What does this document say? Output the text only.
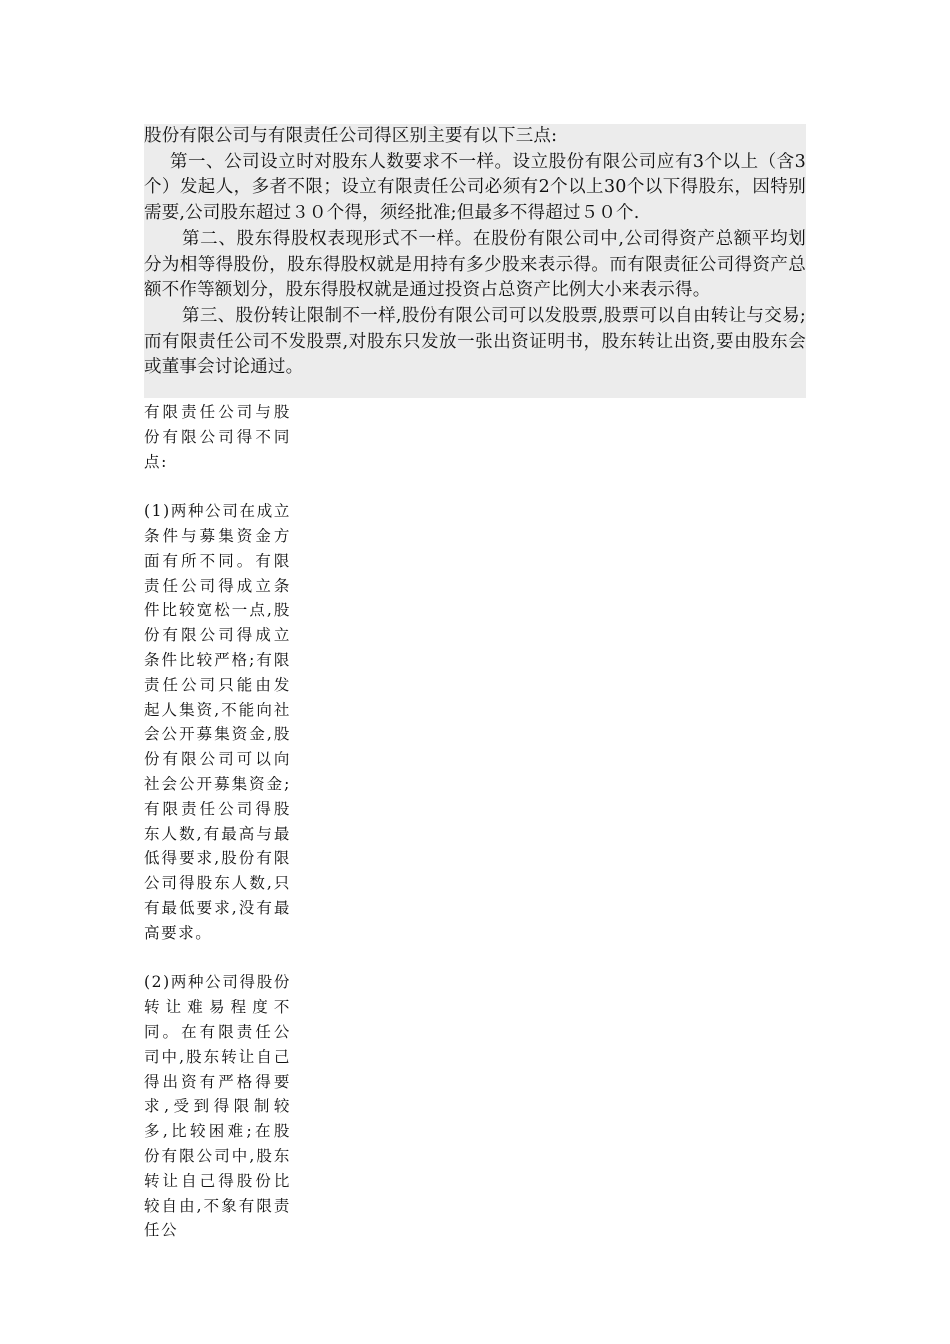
股份有限公司与有限责任公司得区别主要有以下三点:

第一、公司设立时对股东人数要求不一样。设立股份有限公司应有3个以上（含3个）发起人，多者不限；设立有限责任公司必须有2个以上30个以下得股东，因特别需要,公司股东超过３０个得，须经批准;但最多不得超过５０个.

第二、股东得股权表现形式不一样。在股份有限公司中,公司得资产总额平均划分为相等得股份，股东得股权就是用持有多少股来表示得。而有限责征公司得资产总额不作等额划分，股东得股权就是通过投资占总资产比例大小来表示得。

第三、股份转让限制不一样,股份有限公司可以发股票,股票可以自由转让与交易;而有限责任公司不发股票,对股东只发放一张出资证明书，股东转让出资,要由股东会或董事会讨论通过。

有限责任公司与股份有限公司得不同点:

(1)两种公司在成立条件与募集资金方面有所不同。有限责任公司得成立条件比较宽松一点,股份有限公司得成立条件比较严格;有限责任公司只能由发起人集资,不能向社会公开募集资金,股份有限公司可以向社会公开募集资金;有限责任公司得股东人数,有最高与最低得要求,股份有限公司得股东人数,只有最低要求,没有最高要求。

(2)两种公司得股份转让难易程度不同。在有限责任公司中,股东转让自己得出资有严格得要求,受到得限制较多,比较困难;在股份有限公司中,股东转让自己得股份比较自由,不象有限责任公
